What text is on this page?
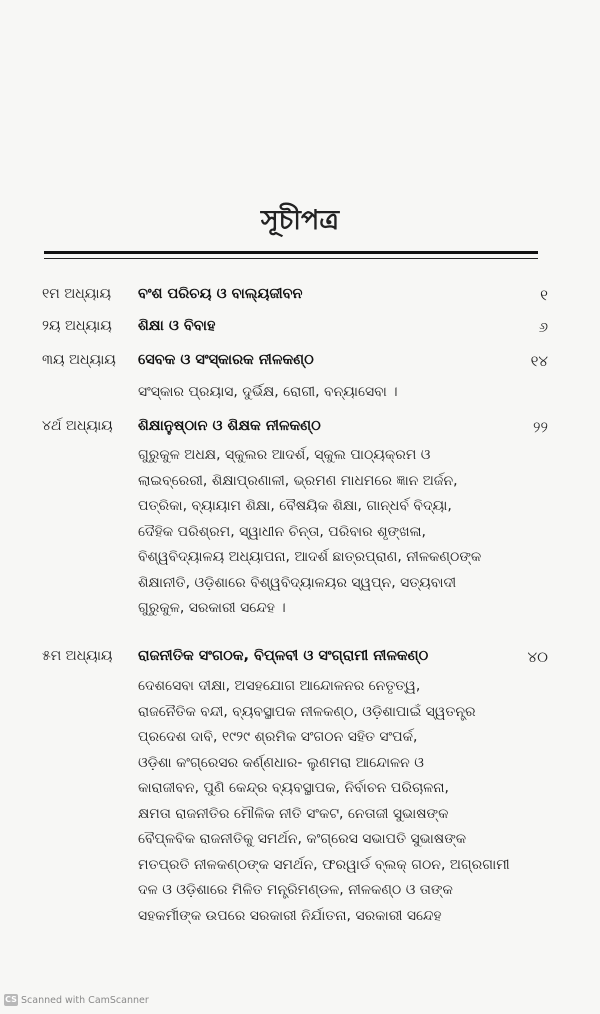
সূচীপত্ৰ
୧ମ ଅଧ୍ୟାୟ ବଂଶ ପରିଚୟ ଓ ବାଲ୍ୟଜୀବନ	୧
୨ୟ ଅଧ୍ୟାୟ ଶିକ୍ଷା ଓ ବିବାହ	୬
୩ୟ ଅଧ୍ୟାୟ ସେବକ ଓ ସଂସ୍କାରକ ନୀଳକଣ୍ଠ	୧୪
ସଂସ୍କାର ପ୍ରୟାସ, ଦୁର୍ଭିକ୍ଷ, ରୋଗୀ, ବନ୍ୟାସେବା ।
୪ର୍ଥ ଅଧ୍ୟାୟ ଶିକ୍ଷାନୁଷ୍ଠାନ ଓ ଶିକ୍ଷକ ନୀଳକଣ୍ଠ	୨୨
ଗୁରୁକୁଳ ଅଧକ୍ଷ, ସ୍କୁଲର ଆଦର୍ଶ, ସ୍କୁଲ ପାଠ୍ୟକ୍ରମ ଓ
ଲାଇବ୍ରେରୀ, ଶିକ୍ଷାପ୍ରଣାଳୀ, ଭ୍ରମଣ ମାଧମରେ ଜ୍ଞାନ ଅର୍ଜନ,
ପତ୍ରିକା, ବ୍ୟାୟାମ ଶିକ୍ଷା, ବୈଷୟିକ ଶିକ୍ଷା, ଗାନ୍ଧର୍ବ ବିଦ୍ୟା,
ଦୈହିକ ପରିଶ୍ରମ, ସ୍ୱାଧୀନ ଚିନ୍ତା, ପରିବାର ଶୃଙ୍ଖଳା,
ବିଶ୍ୱବିଦ୍ୟାଳୟ ଅଧ୍ୟାପନା, ଆଦର୍ଶ ଛାତ୍ରପ୍ରାଣ, ନୀଳକଣ୍ଠଙ୍କ
ଶିକ୍ଷାନୀତି, ଓଡ଼ିଶାରେ ବିଶ୍ୱବିଦ୍ୟାଳୟର ସ୍ୱପ୍ନ, ସତ୍ୟବାଦୀ
ଗୁରୁକୁଳ, ସରକାରୀ ସନ୍ଦେହ ।
୫ମ ଅଧ୍ୟାୟ ରାଜନୀତିକ ସଂଗଠକ, ବିପ୍ଳବୀ ଓ ସଂଗ୍ରାମୀ ନୀଳକଣ୍ଠ	୪୦
ଦେଶସେବା ଦୀକ୍ଷା, ଅସହଯୋଗ ଆନ୍ଦୋଳନର ନେତୃତ୍ୱ,
ରାଜନୈତିକ ବନ୍ଦୀ, ବ୍ୟବସ୍ଥାପକ ନୀଳକଣ୍ଠ, ଓଡ଼ିଶାପାଇଁ ସ୍ୱତନ୍ତ୍ର
ପ୍ରଦେଶ ଦାବି, ୧୯୨୯ ଶ୍ରମିକ ସଂଗଠନ ସହିତ ସଂପର୍କ,
ଓଡ଼ିଶା କଂଗ୍ରେସର କର୍ଣ୍ଣଧାର- ଲୁଣମରା ଆନ୍ଦୋଳନ ଓ
କାରାଜୀବନ, ପୁଣି କେନ୍ଦ୍ର ବ୍ୟବସ୍ଥାପକ, ନିର୍ବାଚନ ପରିଚାଳନା,
କ୍ଷମତା ରାଜନୀତିର ମୌଳିକ ନୀତି ସଂକଟ, ନେତାଜୀ ସୁଭାଷଙ୍କ
ବୈପ୍ଳବିକ ରାଜନୀତିକୁ ସମର୍ଥନ, କଂଗ୍ରେସ ସଭାପତି ସୁଭାଷଙ୍କ
ମତପ୍ରତି ନୀଳକଣ୍ଠଙ୍କ ସମର୍ଥନ, ଫରୱାର୍ଡ ବ୍ଲକ୍ ଗଠନ, ଅଗ୍ରଗାମୀ
ଦଳ ଓ ଓଡ଼ିଶାରେ ମିଳିତ ମନ୍ତ୍ରିମଣ୍ଡଳ, ନୀଳକଣ୍ଠ ଓ ତାଙ୍କ
ସହକର୍ମୀଙ୍କ ଉପରେ ସରକାରୀ ନିର୍ଯାତନା, ସରକାରୀ ସନ୍ଦେହ
CS Scanned with CamScanner
